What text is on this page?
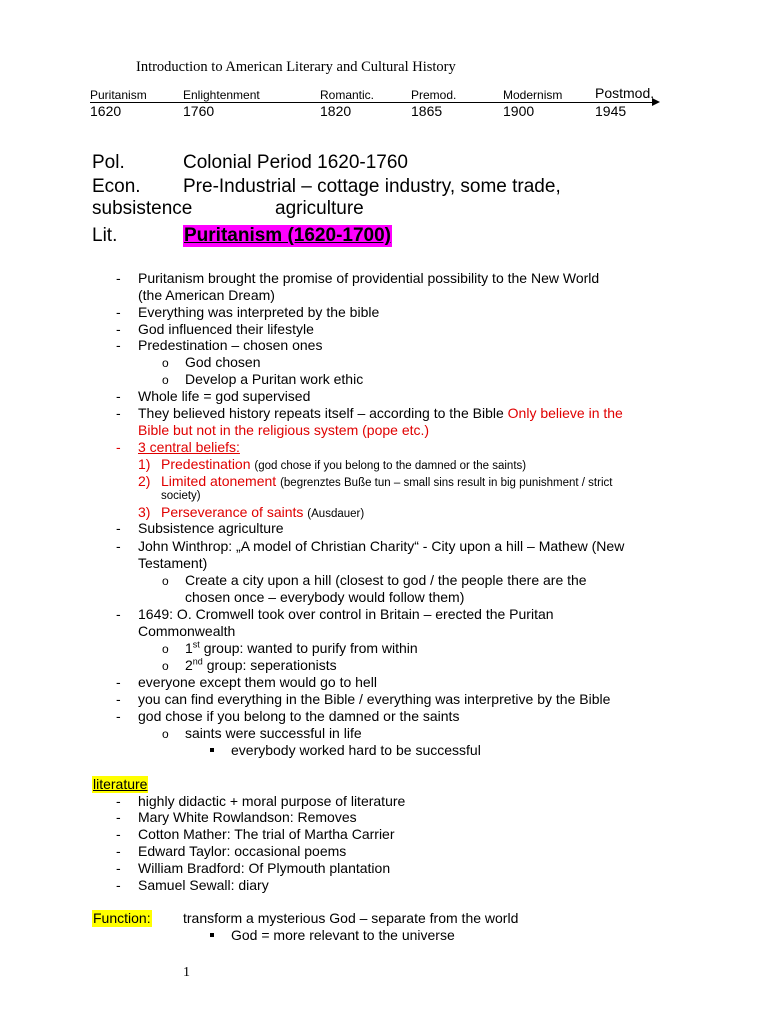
Introduction to American Literary and Cultural History
Puritanism	Enlightenment	Romantic.	Premod.	Modernism Postmod.
1620	1760	1820	1865	1900	1945
Pol.	Colonial Period 1620-1760
Econ. Pre-Industrial – cottage industry, some trade,
subsistence	agriculture
Lit.	Puritanism (1620-1700)
- Puritanism brought the promise of providential possibility to the New World
(the American Dream)
- Everything was interpreted by the bible
- God influenced their lifestyle
- Predestination – chosen ones
o God chosen
o Develop a Puritan work ethic
- Whole life = god supervised
- They believed history repeats itself – according to the Bible Only believe in the
Bible but not in the religious system (pope etc.)
- 3 central beliefs:
1) Predestination (god chose if you belong to the damned or the saints)
2) Limited atonement (begrenztes Buße tun – small sins result in big punishment / strict
society)
3) Perseverance of saints (Ausdauer)
- Subsistence agriculture
- John Winthrop: „A model of Christian Charity“ - City upon a hill – Mathew (New
Testament)
o Create a city upon a hill (closest to god / the people there are the
chosen once – everybody would follow them)
- 1649: O. Cromwell took over control in Britain – erected the Puritan
Commonwealth
o 1st group: wanted to purify from within
o 2nd group: seperationists
- everyone except them would go to hell
- you can find everything in the Bible / everything was interpretive by the Bible
- god chose if you belong to the damned or the saints
o saints were successful in life
everybody worked hard to be successful
literature
- highly didactic + moral purpose of literature
- Mary White Rowlandson: Removes
- Cotton Mather: The trial of Martha Carrier
- Edward Taylor: occasional poems
- William Bradford: Of Plymouth plantation
- Samuel Sewall: diary
Function: transform a mysterious God – separate from the world
God = more relevant to the universe
1
